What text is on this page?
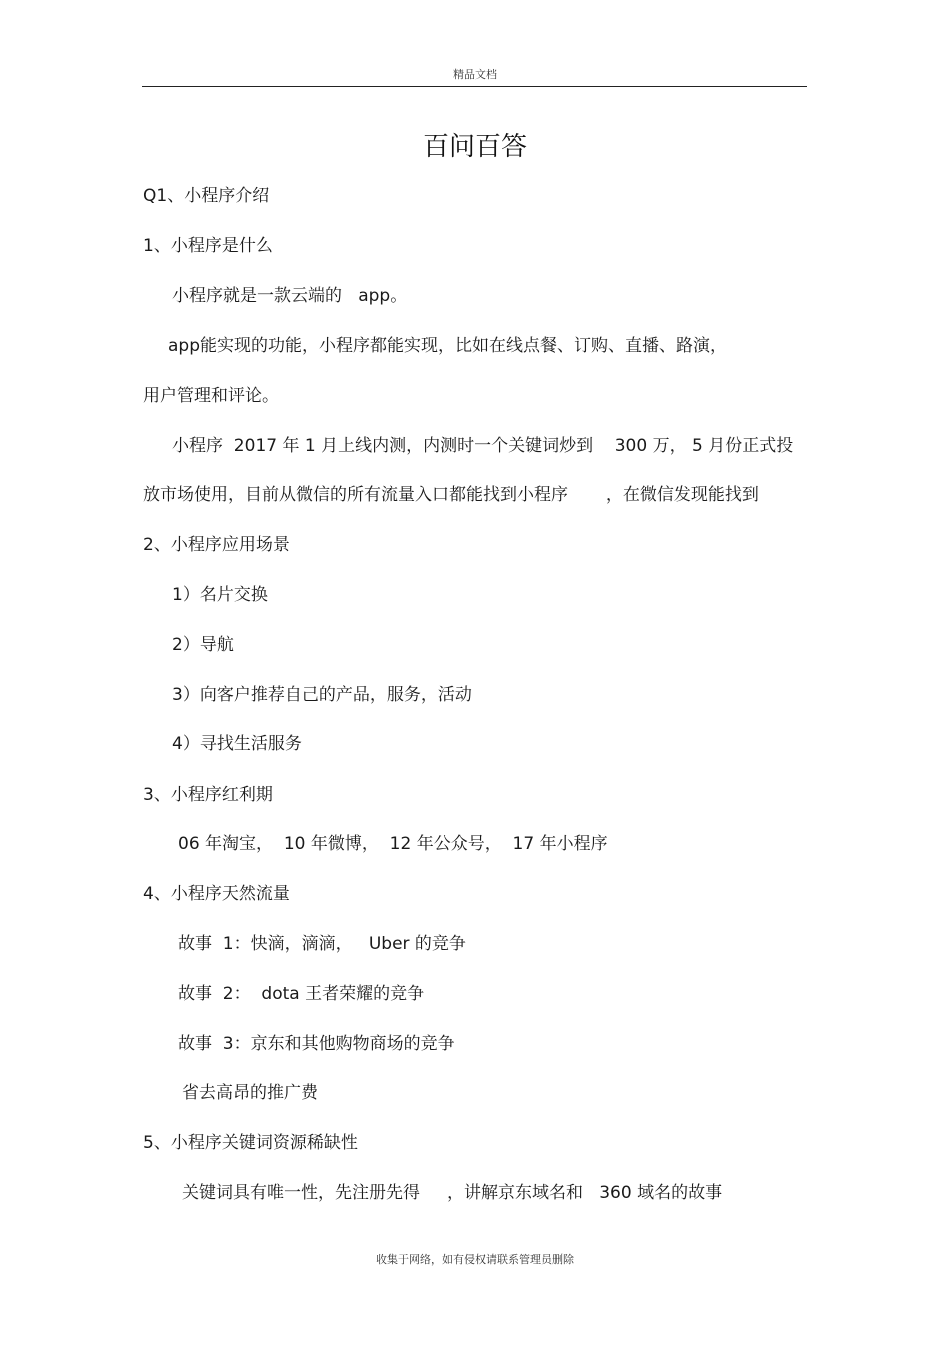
精品文档
百问百答
Q1、小程序介绍
1、小程序是什么
小程序就是一款云端的   app。
app能实现的功能，小程序都能实现，比如在线点餐、订购、直播、路演，
用户管理和评论。
小程序  2017 年 1 月上线内测，内测时一个关键词炒到    300 万， 5 月份正式投
放市场使用，目前从微信的所有流量入口都能找到小程序       ，在微信发现能找到
2、小程序应用场景
1）名片交换
2）导航
3）向客户推荐自己的产品，服务，活动
4）寻找生活服务
3、小程序红利期
06 年淘宝，  10 年微博，  12 年公众号，  17 年小程序
4、小程序天然流量
故事  1：快滴，滴滴，   Uber 的竞争
故事  2：  dota 王者荣耀的竞争
故事  3：京东和其他购物商场的竞争
省去高昂的推广费
5、小程序关键词资源稀缺性
关键词具有唯一性，先注册先得     ，讲解京东域名和   360 域名的故事
收集于网络，如有侵权请联系管理员删除
